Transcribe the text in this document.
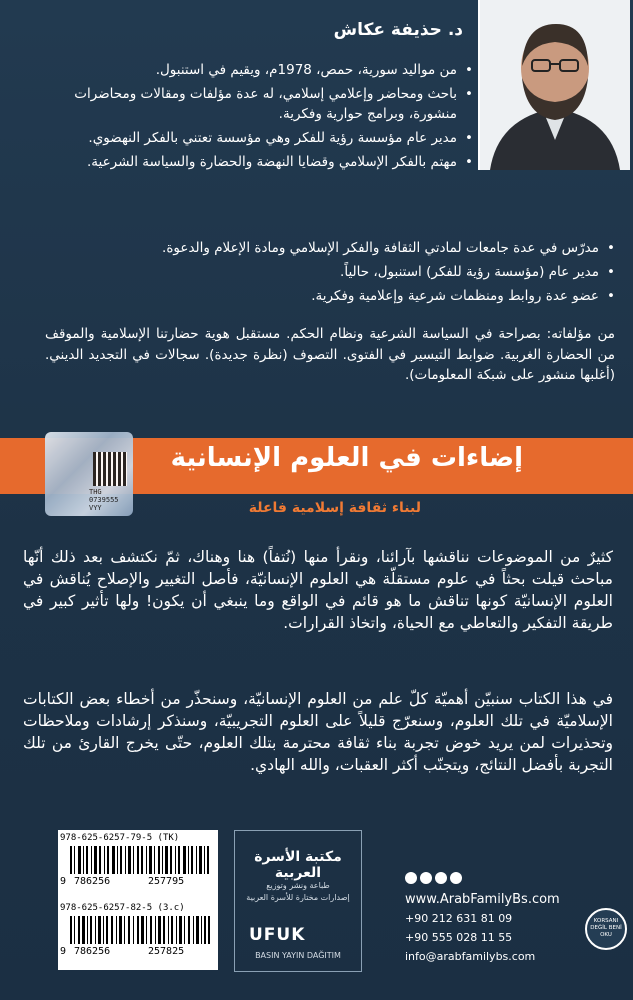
د. حذيفة عكاش
• من مواليد سورية، حمص، 1978م، ويقيم في استنبول.
• باحث ومحاضر وإعلامي إسلامي، له عدة مؤلفات ومقالات ومحاضرات منشورة، وبرامج حوارية وفكرية.
• مدير عام مؤسسة رؤية للفكر وهي مؤسسة تعتني بالفكر النهضوي.
• مهتم بالفكر الإسلامي وقضايا النهضة والحضارة والسياسة الشرعية.
• مدرّس في عدة جامعات لمادتي الثقافة والفكر الإسلامي ومادة الإعلام والدعوة.
• مدير عام (مؤسسة رؤية للفكر) استنبول، حالياً.
• عضو عدة روابط ومنظمات شرعية وإعلامية وفكرية.
من مؤلفاته: بصراحة في السياسة الشرعية ونظام الحكم. مستقبل هوية حضارتنا الإسلامية والموقف من الحضارة الغربية. ضوابط التيسير في الفتوى. التصوف (نظرة جديدة). سجالات في التجديد الديني. (أغلبها منشور على شبكة المعلومات).
إضاءات في العلوم الإنسانية
لبناء ثقافة إسلامية فاعلة
THG
0739555
VYY
كثيرٌ من الموضوعات نناقشها بآرائنا، ونقرأ منها (نُتفاً) هنا وهناك، ثمّ نكتشف بعد ذلك أنّها مباحث قيلت بحثاً في علوم مستقلّة هي العلوم الإنسانيّة، فأصل التغيير والإصلاح يُناقش في العلوم الإنسانيّة كونها تناقش ما هو قائم في الواقع وما ينبغي أن يكون! ولها تأثير كبير في طريقة التفكير والتعاطي مع الحياة، واتخاذ القرارات.
في هذا الكتاب سنبيّن أهميّة كلّ علم من العلوم الإنسانيّة، وسنحذّر من أخطاء بعض الكتابات الإسلاميّة في تلك العلوم، وسنعرّج قليلاً على العلوم التجريبيّة، وسنذكر إرشادات وملاحظات وتحذيرات لمن يريد خوض تجربة بناء ثقافة محترمة بتلك العلوم، حتّى يخرج القارئ من تلك التجربة بأفضل النتائج، ويتجنّب أكثر العقبات، والله الهادي.
978-625-6257-79-5 (TK)
9 786256	257795
978-625-6257-82-5 (3.c)
9 786256	257825
مكتبة الأسرة العربية
طباعة ونشر وتوزيع
إصدارات مختارة للأسرة العربية
UFUK
BASIN YAYIN DAĞITIM
www.ArabFamilyBs.com
+90 212 631 81 09
+90 555 028 11 55
info@arabfamilybs.com
KORSANI DEĞİL BENİ OKU
